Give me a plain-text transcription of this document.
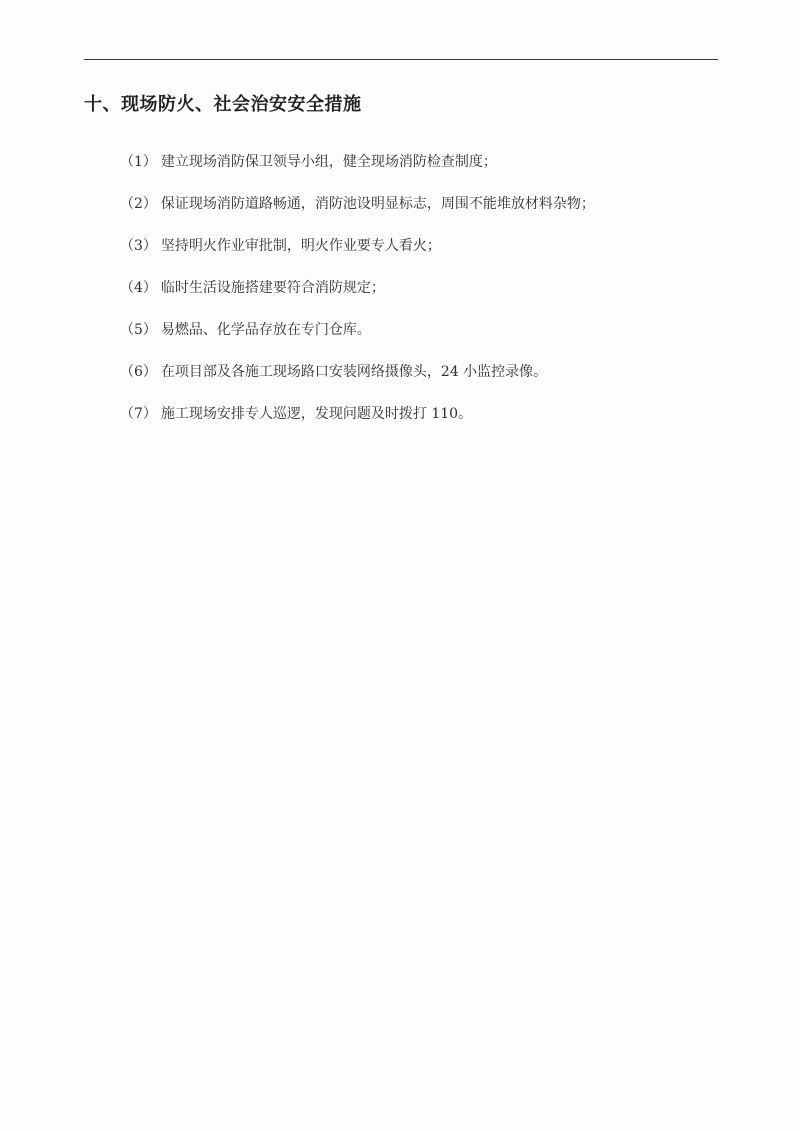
十、现场防火、社会治安安全措施
（1） 建立现场消防保卫领导小组，健全现场消防检查制度；
（2） 保证现场消防道路畅通，消防池设明显标志，周围不能堆放材料杂物；
（3） 坚持明火作业审批制，明火作业要专人看火；
（4） 临时生活设施搭建要符合消防规定；
（5） 易燃品、化学品存放在专门仓库。
（6） 在项目部及各施工现场路口安装网络摄像头，24 小监控录像。
（7） 施工现场安排专人巡逻，发现问题及时拨打 110。
